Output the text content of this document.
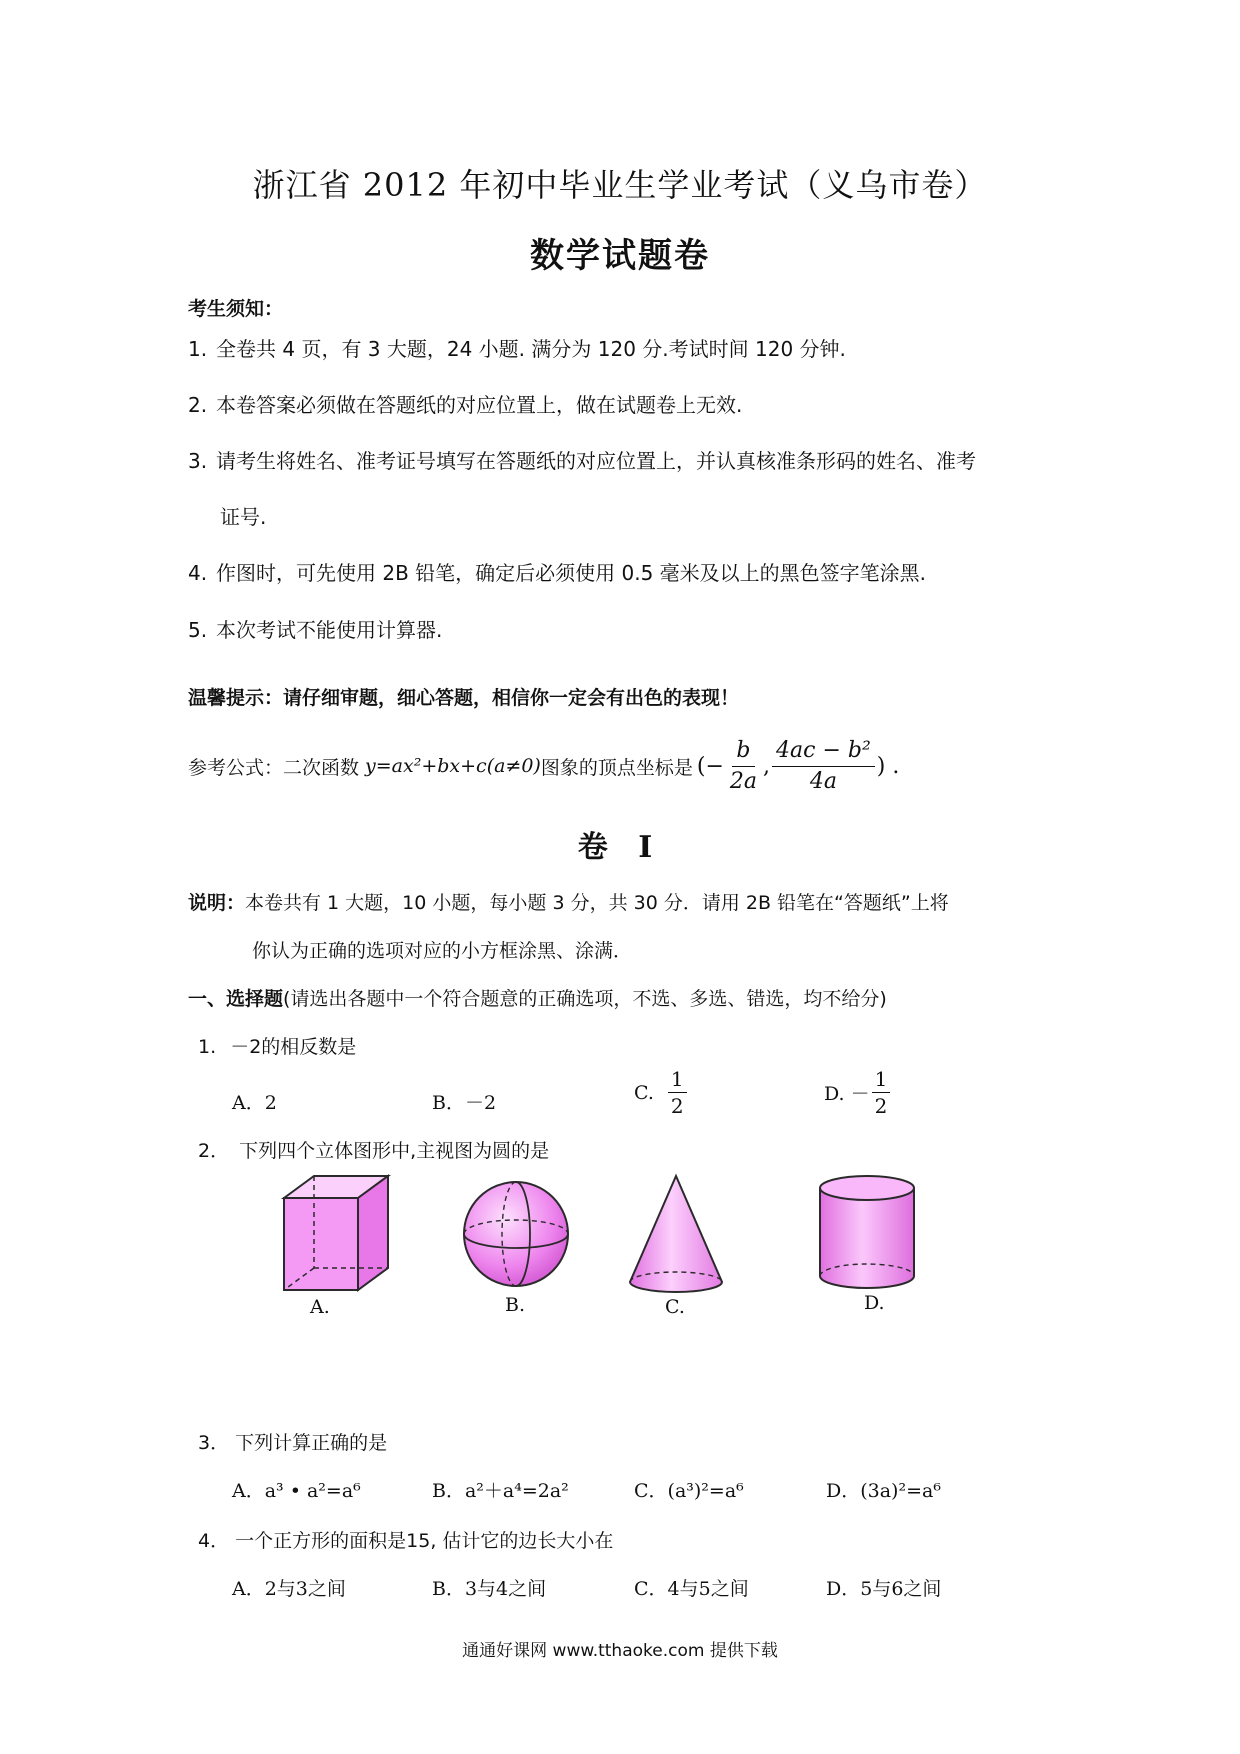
浙江省 2012 年初中毕业生学业考试（义乌市卷）
数学试题卷
考生须知：
1. 全卷共 4 页，有 3 大题，24 小题. 满分为 120 分.考试时间 120 分钟.
2. 本卷答案必须做在答题纸的对应位置上，做在试题卷上无效.
3. 请考生将姓名、准考证号填写在答题纸的对应位置上，并认真核准条形码的姓名、准考
证号.
4. 作图时，可先使用 2B 铅笔，确定后必须使用 0.5 毫米及以上的黑色签字笔涂黑.
5. 本次考试不能使用计算器.
温馨提示：请仔细审题，细心答题，相信你一定会有出色的表现！
参考公式：二次函数 y=ax²+bx+c(a≠0) 图象的顶点坐标是 (− $\frac{b}{2a}$ , $\frac{\text{4ac − b²}}{4a}$ ) .
卷 I
说明：本卷共有 1 大题，10 小题，每小题 3 分，共 30 分．请用 2B 铅笔在“答题纸”上将
你认为正确的选项对应的小方框涂黑、涂满．
一、选择题(请选出各题中一个符合题意的正确选项，不选、多选、错选，均不给分)
1. －2的相反数是
A．2	B．－2	C. $\frac{1}{2}$	D. － $\frac{1}{2}$
2． 下列四个立体图形中,主视图为圆的是
A.	B.	C.	D.
3． 下列计算正确的是
A．a³ • a²=a⁶	B．a²＋a⁴=2a²	C．(a³)²=a⁶	D．(3a)²=a⁶
4． 一个正方形的面积是15, 估计它的边长大小在
A．2与3之间	B．3与4之间	C．4与5之间	D．5与6之间
通通好课网 www.tthaoke.com 提供下载
